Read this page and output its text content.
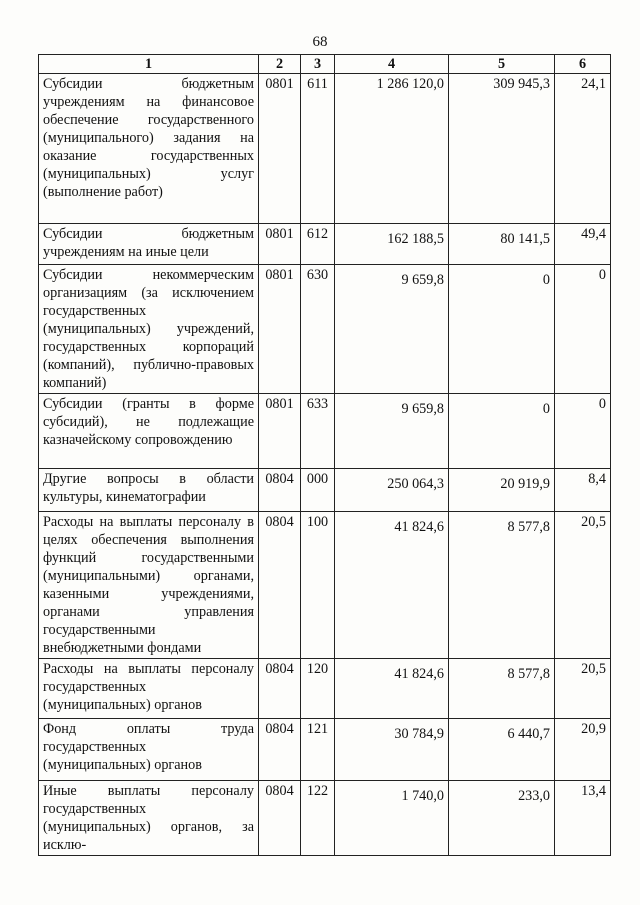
68
1	2	3	4	5	6
Субсидии бюджетным учреждениям на финансовое обеспечение государственного (муниципального) задания на оказание государственных (муниципальных) услуг (выполнение работ)	0801	611	1 286 120,0	309 945,3	24,1
Субсидии бюджетным учреждениям на иные цели	0801	612	162 188,5	80 141,5	49,4
Субсидии некоммерческим организациям (за исключением государственных (муниципальных) учреждений, государственных корпораций (компаний), публично-правовых компаний)	0801	630	9 659,8	0	0
Субсидии (гранты в форме субсидий), не подлежащие казначейскому сопровождению	0801	633	9 659,8	0	0
Другие вопросы в области культуры, кинематографии	0804	000	250 064,3	20 919,9	8,4
Расходы на выплаты персоналу в целях обеспечения выполнения функций государственными (муниципальными) органами, казенными учреждениями, органами управления государственными внебюджетными фондами	0804	100	41 824,6	8 577,8	20,5
Расходы на выплаты персоналу государственных (муниципальных) органов	0804	120	41 824,6	8 577,8	20,5
Фонд оплаты труда государственных (муниципальных) органов	0804	121	30 784,9	6 440,7	20,9
Иные выплаты персоналу государственных (муниципальных) органов, за исклю-	0804	122	1 740,0	233,0	13,4
